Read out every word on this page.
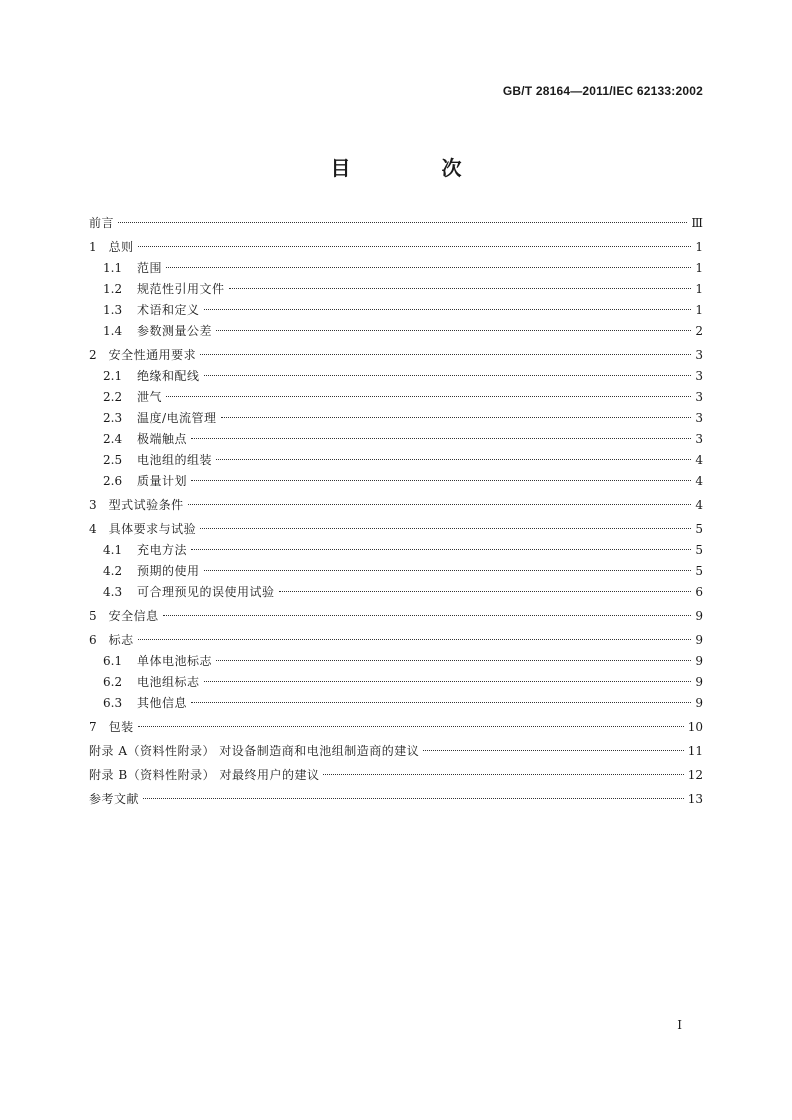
GB/T 28164—2011/IEC 62133:2002
目 次
前言	Ⅲ
1 总则	1
1.1	范围	1
1.2	规范性引用文件	1
1.3	术语和定义	1
1.4	参数测量公差	2
2 安全性通用要求	3
2.1	绝缘和配线	3
2.2	泄气	3
2.3	温度/电流管理	3
2.4	极端触点	3
2.5	电池组的组装	4
2.6	质量计划	4
3 型式试验条件	4
4 具体要求与试验	5
4.1	充电方法	5
4.2	预期的使用	5
4.3	可合理预见的误使用试验	6
5 安全信息	9
6 标志	9
6.1	单体电池标志	9
6.2	电池组标志	9
6.3	其他信息	9
7 包装	10
附录 A（资料性附录） 对设备制造商和电池组制造商的建议	11
附录 B（资料性附录） 对最终用户的建议	12
参考文献	13
I
